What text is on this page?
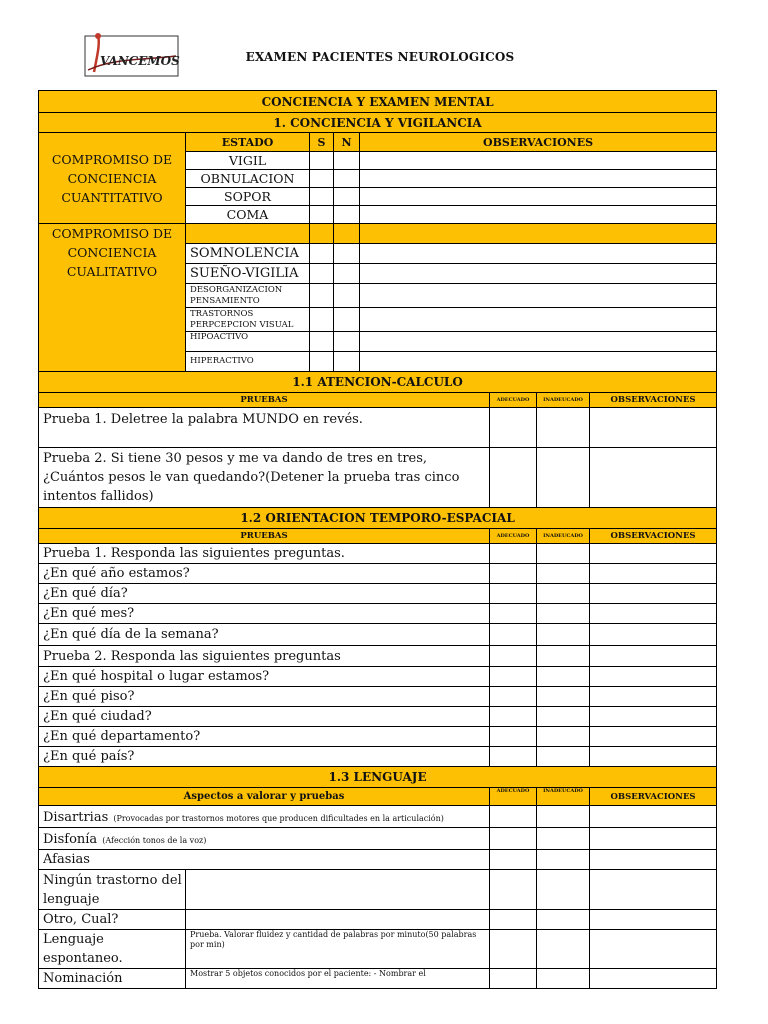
VANCEMOS	EXAMEN PACIENTES NEUROLOGICOS
CONCIENCIA Y EXAMEN MENTAL							
1. CONCIENCIA Y VIGILANCIA							
COMPROMISO DE CONCIENCIA CUANTITATIVO	ESTADO	S	N	OBSERVACIONES			
	VIGIL						
	OBNULACION						
	SOPOR						
	COMA						
COMPROMISO DE CONCIENCIA CUALITATIVO							
	SOMNOLENCIA						
	SUEÑO-VIGILIA						
	DESORGANIZACION PENSAMIENTO						
	TRASTORNOS PERPCEPCION VISUAL						
	HIPOACTIVO						
	HIPERACTIVO						
1.1 ATENCION-CALCULO							
PRUEBAS					ADECUADO	INADEUCADO	OBSERVACIONES
Prueba 1. Deletree la palabra MUNDO en revés.							
Prueba 2. Si tiene 30 pesos y me va dando de tres en tres, ¿Cuántos pesos le van quedando?(Detener la prueba tras cinco intentos fallidos)							
1.2 ORIENTACION TEMPORO-ESPACIAL							
PRUEBAS					ADECUADO	INADEUCADO	OBSERVACIONES
Prueba 1. Responda las siguientes preguntas.							
¿En qué año estamos?							
¿En qué día?							
¿En qué mes?							
¿En qué día de la semana?							
Prueba 2. Responda las siguientes preguntas							
¿En qué hospital o lugar estamos?							
¿En qué piso?							
¿En qué ciudad?							
¿En qué departamento?							
¿En qué país?							
1.3 LENGUAJE							
Aspectos a valorar y pruebas					ADECUADO	INADEUCADO	OBSERVACIONES
Disartrias (Provocadas por trastornos motores que producen dificultades en la articulación)							
Disfonía (Afección tonos de la voz)							
Afasias							
Ningún trastorno del lenguaje							
Otro, Cual?							
Lenguaje espontaneo.	Prueba. Valorar fluidez y cantidad de palabras por minuto(50 palabras por min)						
Nominación	Mostrar 5 objetos conocidos por el paciente: - Nombrar el						
